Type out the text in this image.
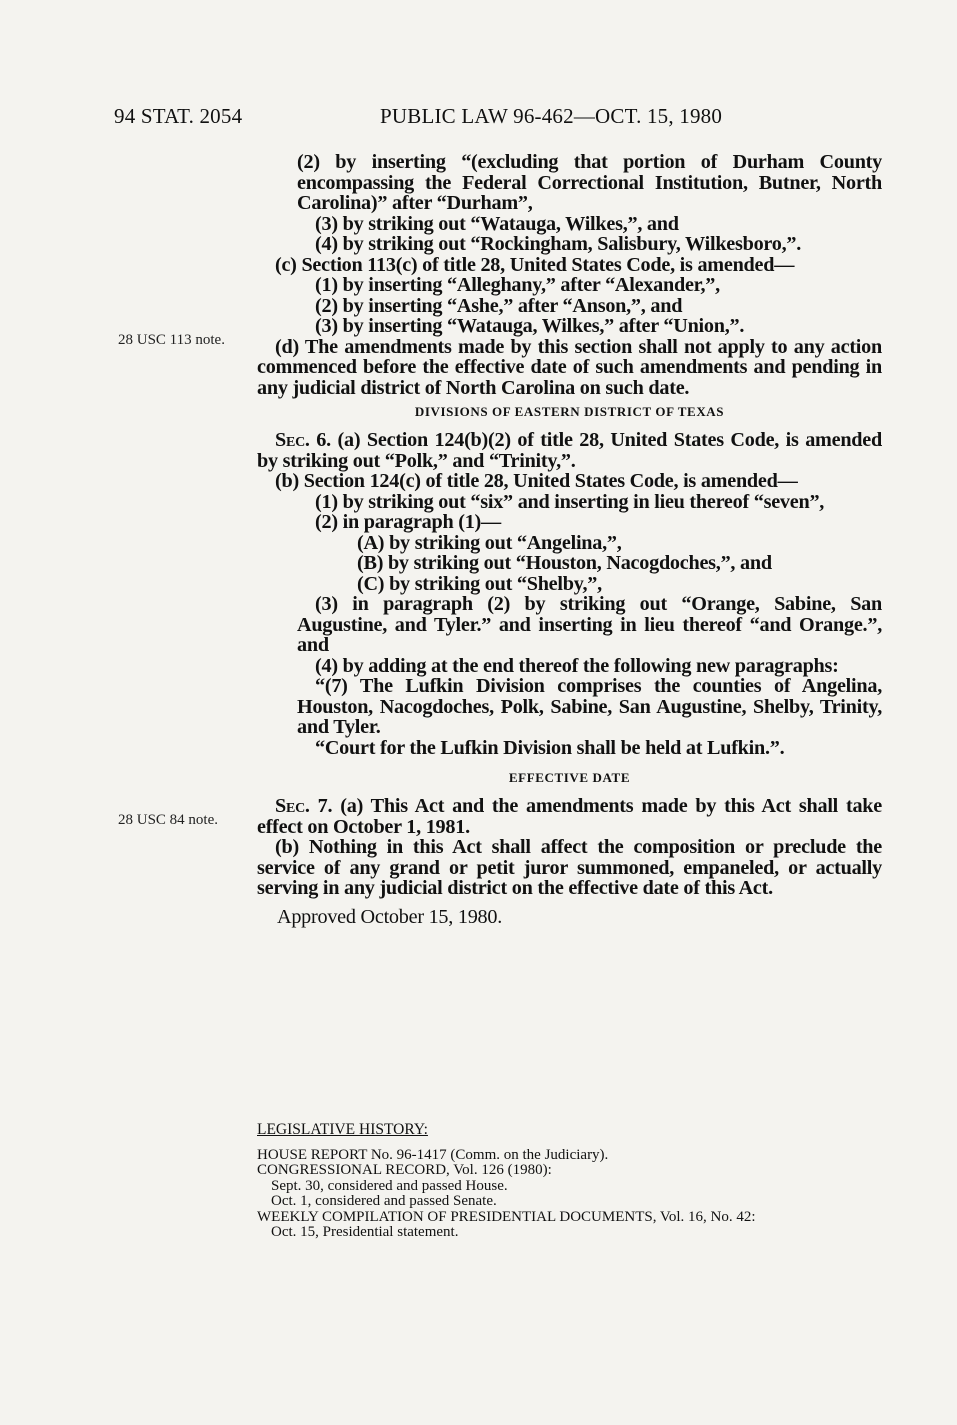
94 STAT. 2054	PUBLIC LAW 96-462—OCT. 15, 1980
28 USC 113 note.
28 USC 84 note.

(2) by inserting “(excluding that portion of Durham County encompassing the Federal Correctional Institution, Butner, North Carolina)” after “Durham”,

(3) by striking out “Watauga, Wilkes,”, and

(4) by striking out “Rockingham, Salisbury, Wilkesboro,”.

(c) Section 113(c) of title 28, United States Code, is amended—

(1) by inserting “Alleghany,” after “Alexander,”,

(2) by inserting “Ashe,” after “Anson,”, and

(3) by inserting “Watauga, Wilkes,” after “Union,”.

(d) The amendments made by this section shall not apply to any action commenced before the effective date of such amendments and pending in any judicial district of North Carolina on such date.

DIVISIONS OF EASTERN DISTRICT OF TEXAS

Sec. 6. (a) Section 124(b)(2) of title 28, United States Code, is amended by striking out “Polk,” and “Trinity,”.

(b) Section 124(c) of title 28, United States Code, is amended—

(1) by striking out “six” and inserting in lieu thereof “seven”,

(2) in paragraph (1)—

(A) by striking out “Angelina,”,

(B) by striking out “Houston, Nacogdoches,”, and

(C) by striking out “Shelby,”,

(3) in paragraph (2) by striking out “Orange, Sabine, San Augustine, and Tyler.” and inserting in lieu thereof “and Orange.”, and

(4) by adding at the end thereof the following new paragraphs:

“(7) The Lufkin Division comprises the counties of Angelina, Houston, Nacogdoches, Polk, Sabine, San Augustine, Shelby, Trinity, and Tyler.

“Court for the Lufkin Division shall be held at Lufkin.”.

EFFECTIVE DATE

Sec. 7. (a) This Act and the amendments made by this Act shall take effect on October 1, 1981.

(b) Nothing in this Act shall affect the composition or preclude the service of any grand or petit juror summoned, empaneled, or actually serving in any judicial district on the effective date of this Act.

Approved October 15, 1980.

LEGISLATIVE HISTORY:
HOUSE REPORT No. 96-1417 (Comm. on the Judiciary).
CONGRESSIONAL RECORD, Vol. 126 (1980):
Sept. 30, considered and passed House.
Oct. 1, considered and passed Senate.
WEEKLY COMPILATION OF PRESIDENTIAL DOCUMENTS, Vol. 16, No. 42:
Oct. 15, Presidential statement.
